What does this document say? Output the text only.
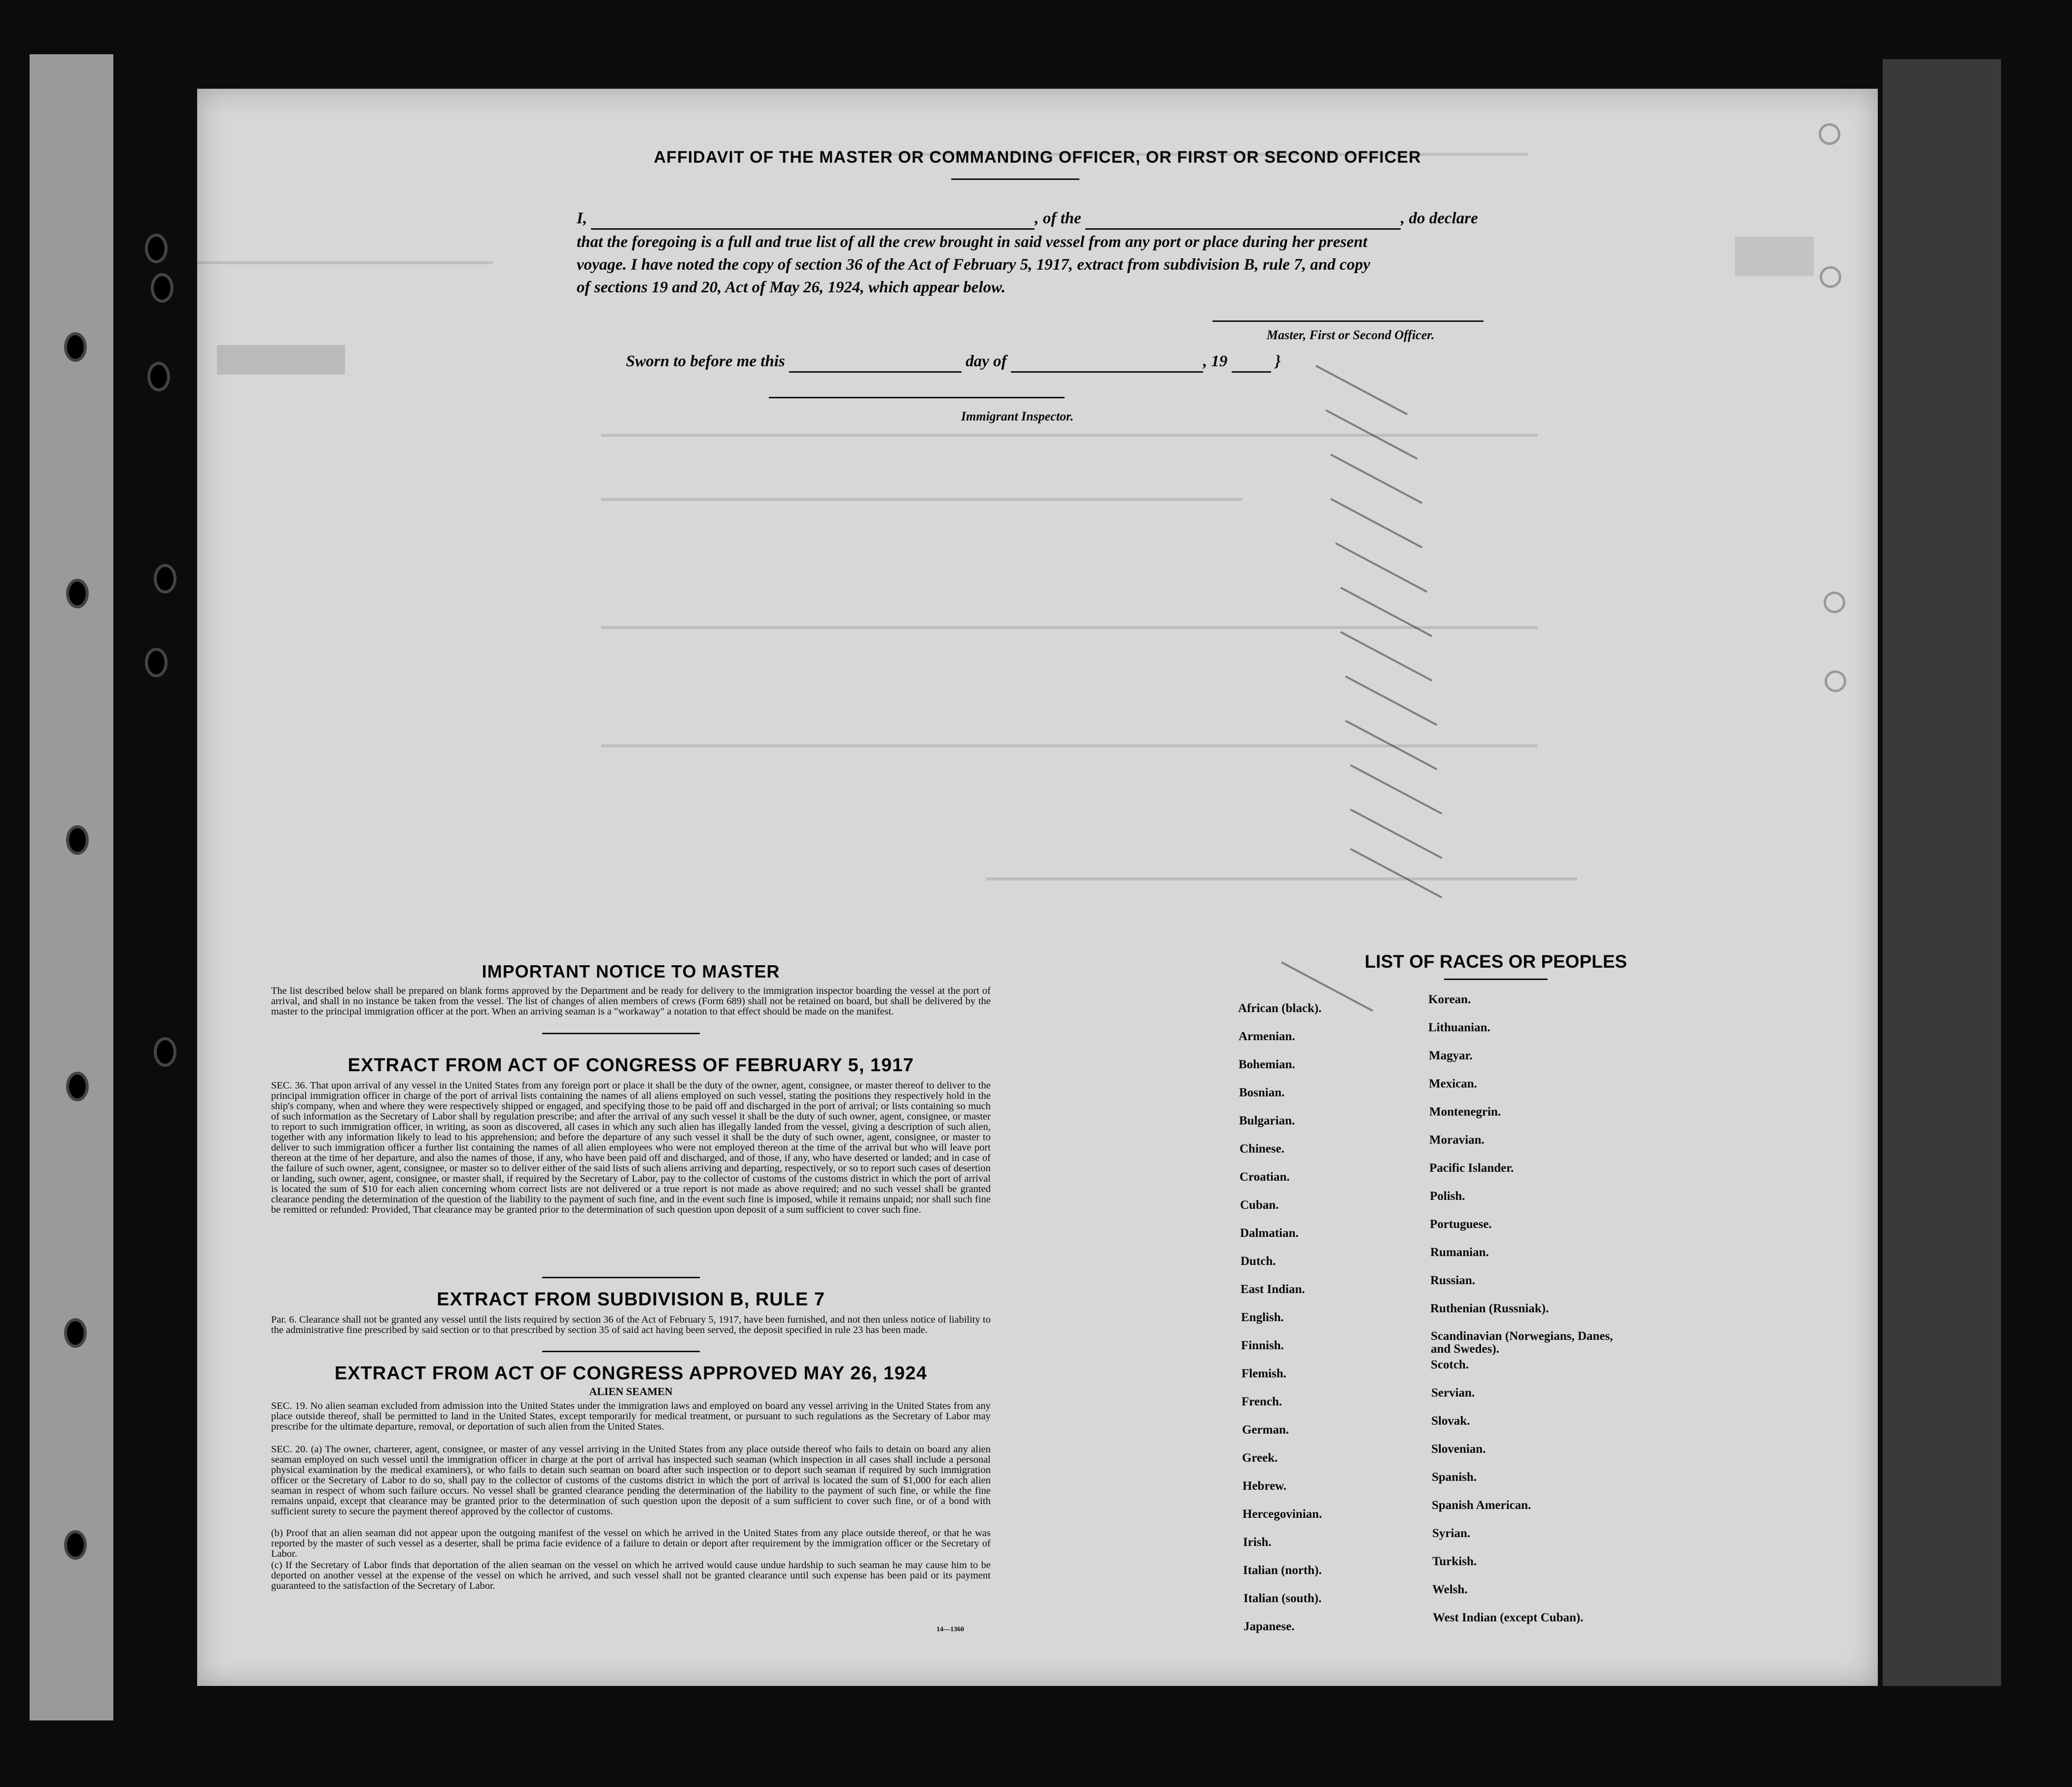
AFFIDAVIT OF THE MASTER OR COMMANDING OFFICER, OR FIRST OR SECOND OFFICER
I,	, of the	, do declare
that the foregoing is a full and true list of all the crew brought in said vessel from any port or place during her present
voyage. I have noted the copy of section 36 of the Act of February 5, 1917, extract from subdivision B, rule 7, and copy
of sections 19 and 20, Act of May 26, 1924, which appear below.
Master, First or Second Officer.
Sworn to before me this	day of	, 19	}
Immigrant Inspector.
IMPORTANT NOTICE TO MASTER
The list described below shall be prepared on blank forms approved by the Department and be ready for delivery to the immigration inspector boarding the vessel at the port of arrival, and shall in no instance be taken from the vessel. The list of changes of alien members of crews (Form 689) shall not be retained on board, but shall be delivered by the master to the principal immigration officer at the port. When an arriving seaman is a "workaway" a notation to that effect should be made on the manifest.
EXTRACT FROM ACT OF CONGRESS OF FEBRUARY 5, 1917
SEC. 36. That upon arrival of any vessel in the United States from any foreign port or place it shall be the duty of the owner, agent, consignee, or master thereof to deliver to the principal immigration officer in charge of the port of arrival lists containing the names of all aliens employed on such vessel, stating the positions they respectively hold in the ship's company, when and where they were respectively shipped or engaged, and specifying those to be paid off and discharged in the port of arrival; or lists containing so much of such information as the Secretary of Labor shall by regulation prescribe; and after the arrival of any such vessel it shall be the duty of such owner, agent, consignee, or master to report to such immigration officer, in writing, as soon as discovered, all cases in which any such alien has illegally landed from the vessel, giving a description of such alien, together with any information likely to lead to his apprehension; and before the departure of any such vessel it shall be the duty of such owner, agent, consignee, or master to deliver to such immigration officer a further list containing the names of all alien employees who were not employed thereon at the time of the arrival but who will leave port thereon at the time of her departure, and also the names of those, if any, who have been paid off and discharged, and of those, if any, who have deserted or landed; and in case of the failure of such owner, agent, consignee, or master so to deliver either of the said lists of such aliens arriving and departing, respectively, or so to report such cases of desertion or landing, such owner, agent, consignee, or master shall, if required by the Secretary of Labor, pay to the collector of customs of the customs district in which the port of arrival is located the sum of $10 for each alien concerning whom correct lists are not delivered or a true report is not made as above required; and no such vessel shall be granted clearance pending the determination of the question of the liability to the payment of such fine, and in the event such fine is imposed, while it remains unpaid; nor shall such fine be remitted or refunded: Provided, That clearance may be granted prior to the determination of such question upon deposit of a sum sufficient to cover such fine.
EXTRACT FROM SUBDIVISION B, RULE 7
Par. 6. Clearance shall not be granted any vessel until the lists required by section 36 of the Act of February 5, 1917, have been furnished, and not then unless notice of liability to the administrative fine prescribed by said section or to that prescribed by section 35 of said act having been served, the deposit specified in rule 23 has been made.
EXTRACT FROM ACT OF CONGRESS APPROVED MAY 26, 1924
ALIEN SEAMEN
SEC. 19. No alien seaman excluded from admission into the United States under the immigration laws and employed on board any vessel arriving in the United States from any place outside thereof, shall be permitted to land in the United States, except temporarily for medical treatment, or pursuant to such regulations as the Secretary of Labor may prescribe for the ultimate departure, removal, or deportation of such alien from the United States.
SEC. 20. (a) The owner, charterer, agent, consignee, or master of any vessel arriving in the United States from any place outside thereof who fails to detain on board any alien seaman employed on such vessel until the immigration officer in charge at the port of arrival has inspected such seaman (which inspection in all cases shall include a personal physical examination by the medical examiners), or who fails to detain such seaman on board after such inspection or to deport such seaman if required by such immigration officer or the Secretary of Labor to do so, shall pay to the collector of customs of the customs district in which the port of arrival is located the sum of $1,000 for each alien seaman in respect of whom such failure occurs. No vessel shall be granted clearance pending the determination of the liability to the payment of such fine, or while the fine remains unpaid, except that clearance may be granted prior to the determination of such question upon the deposit of a sum sufficient to cover such fine, or of a bond with sufficient surety to secure the payment thereof approved by the collector of customs.
(b) Proof that an alien seaman did not appear upon the outgoing manifest of the vessel on which he arrived in the United States from any place outside thereof, or that he was reported by the master of such vessel as a deserter, shall be prima facie evidence of a failure to detain or deport after requirement by the immigration officer or the Secretary of Labor.
(c) If the Secretary of Labor finds that deportation of the alien seaman on the vessel on which he arrived would cause undue hardship to such seaman he may cause him to be deported on another vessel at the expense of the vessel on which he arrived, and such vessel shall not be granted clearance until such expense has been paid or its payment guaranteed to the satisfaction of the Secretary of Labor.
14—1360
LIST OF RACES OR PEOPLES
African (black).
Armenian.
Bohemian.
Bosnian.
Bulgarian.
Chinese.
Croatian.
Cuban.
Dalmatian.
Dutch.
East Indian.
English.
Finnish.
Flemish.
French.
German.
Greek.
Hebrew.
Hercegovinian.
Irish.
Italian (north).
Italian (south).
Japanese.
Korean.
Lithuanian.
Magyar.
Mexican.
Montenegrin.
Moravian.
Pacific Islander.
Polish.
Portuguese.
Rumanian.
Russian.
Ruthenian (Russniak).
Scandinavian (Norwegians, Danes, and Swedes).
Scotch.
Servian.
Slovak.
Slovenian.
Spanish.
Spanish American.
Syrian.
Turkish.
Welsh.
West Indian (except Cuban).
